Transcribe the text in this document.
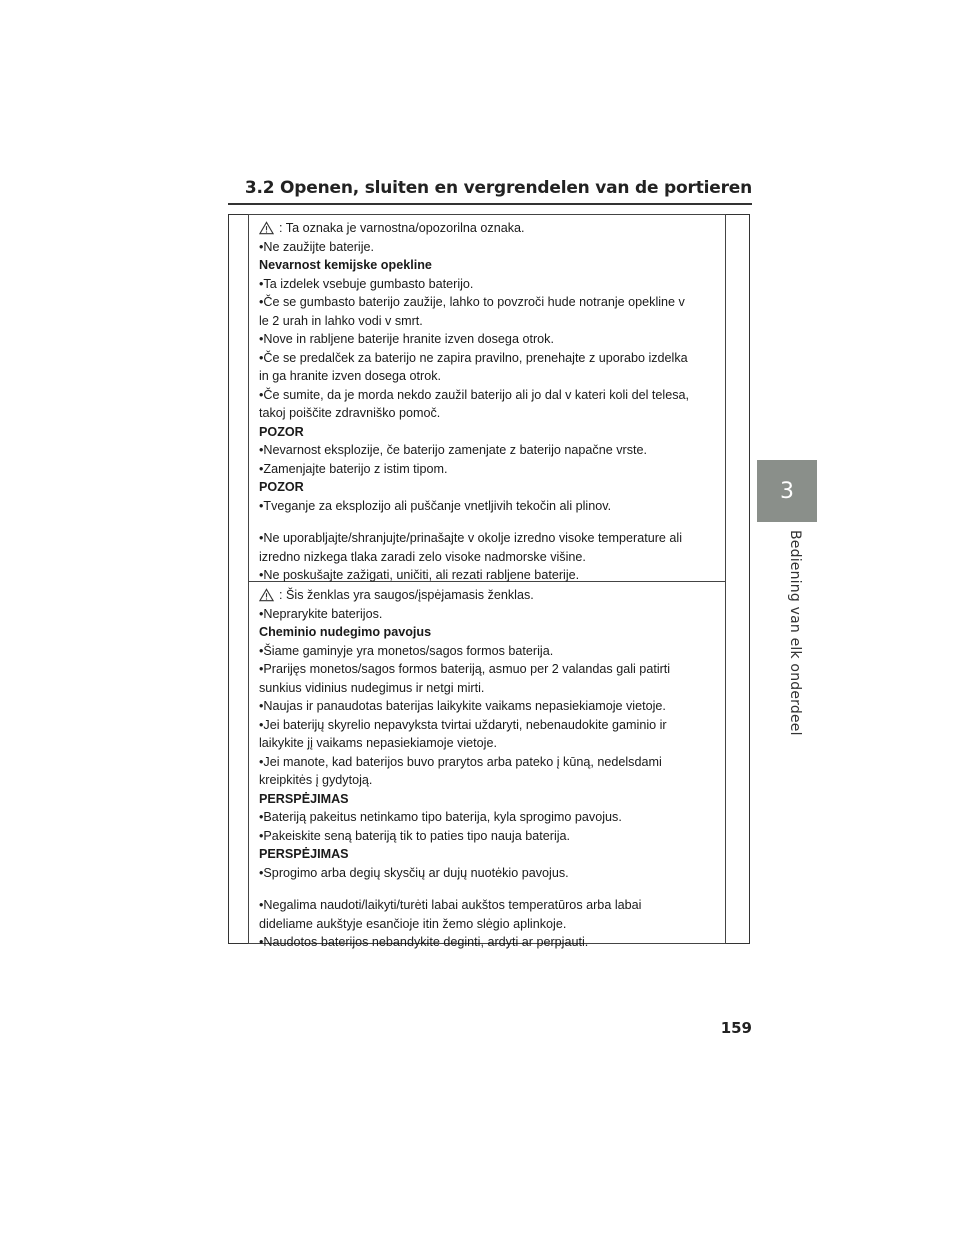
3.2 Openen, sluiten en vergrendelen van de portieren
3
Bediening van elk onderdeel
: Ta oznaka je varnostna/opozorilna oznaka.
•Ne zaužijte baterije.
Nevarnost kemijske opekline
•Ta izdelek vsebuje gumbasto baterijo.
•Če se gumbasto baterijo zaužije, lahko to povzroči hude notranje opekline v
le 2 urah in lahko vodi v smrt.
•Nove in rabljene baterije hranite izven dosega otrok.
•Če se predalček za baterijo ne zapira pravilno, prenehajte z uporabo izdelka
in ga hranite izven dosega otrok.
•Če sumite, da je morda nekdo zaužil baterijo ali jo dal v kateri koli del telesa,
takoj poiščite zdravniško pomoč.
POZOR
•Nevarnost eksplozije, če baterijo zamenjate z baterijo napačne vrste.
•Zamenjajte baterijo z istim tipom.
POZOR
•Tveganje za eksplozijo ali puščanje vnetljivih tekočin ali plinov.
•Ne uporabljajte/shranjujte/prinašajte v okolje izredno visoke temperature ali
izredno nizkega tlaka zaradi zelo visoke nadmorske višine.
•Ne poskušajte zažigati, uničiti, ali rezati rabljene baterije.
: Šis ženklas yra saugos/įspėjamasis ženklas.
•Neprarykite baterijos.
Cheminio nudegimo pavojus
•Šiame gaminyje yra monetos/sagos formos baterija.
•Prarijęs monetos/sagos formos bateriją, asmuo per 2 valandas gali patirti
sunkius vidinius nudegimus ir netgi mirti.
•Naujas ir panaudotas baterijas laikykite vaikams nepasiekiamoje vietoje.
•Jei baterijų skyrelio nepavyksta tvirtai uždaryti, nebenaudokite gaminio ir
laikykite jį vaikams nepasiekiamoje vietoje.
•Jei manote, kad baterijos buvo prarytos arba pateko į kūną, nedelsdami
kreipkitės į gydytoją.
PERSPĖJIMAS
•Bateriją pakeitus netinkamo tipo baterija, kyla sprogimo pavojus.
•Pakeiskite seną bateriją tik to paties tipo nauja baterija.
PERSPĖJIMAS
•Sprogimo arba degių skysčių ar dujų nuotėkio pavojus.
•Negalima naudoti/laikyti/turėti labai aukštos temperatūros arba labai
dideliame aukštyje esančioje itin žemo slėgio aplinkoje.
•Naudotos baterijos nebandykite deginti, ardyti ar perpjauti.
159
